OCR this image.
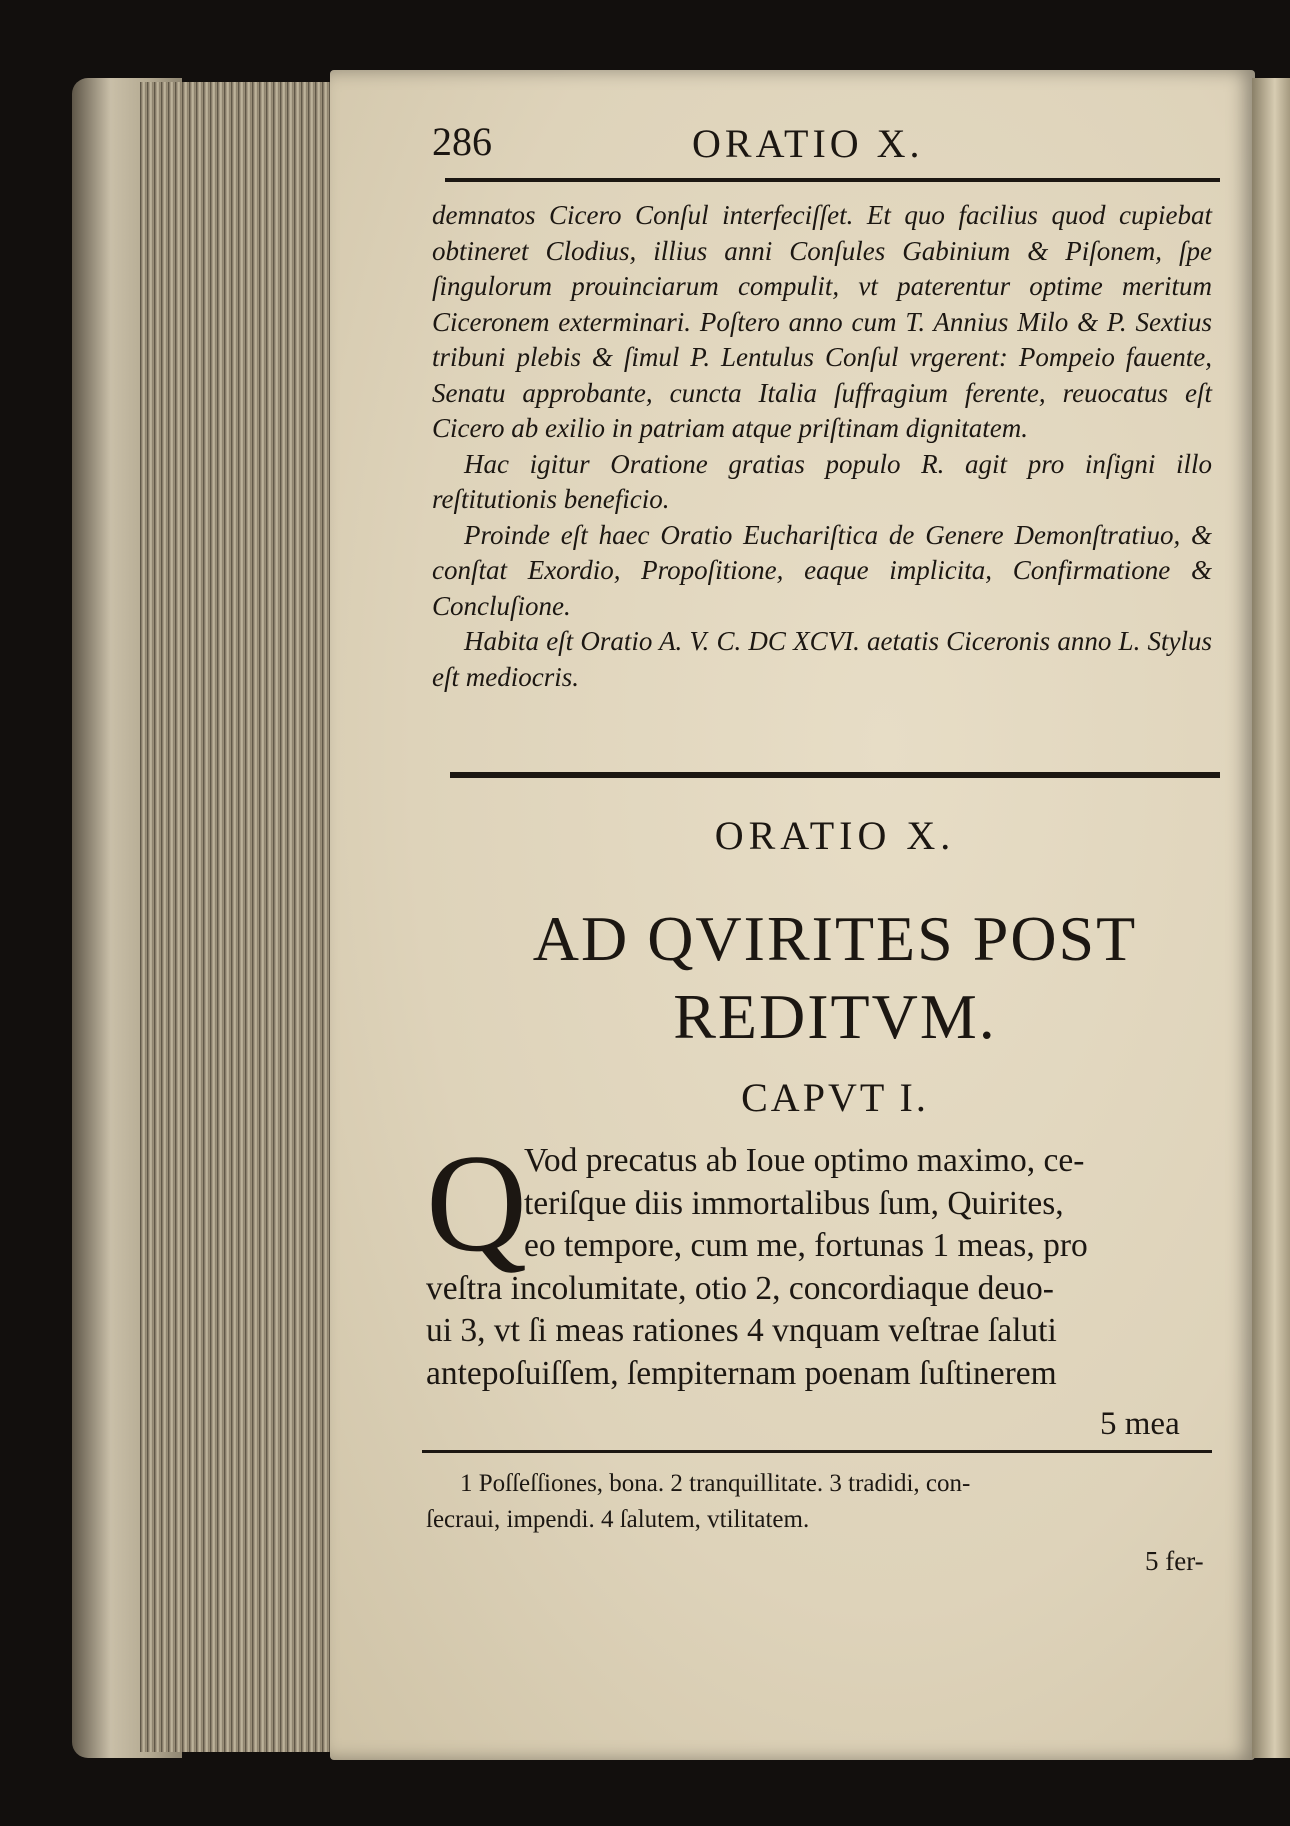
286	ORATIO X.

demnatos Cicero Conſul interfeciſſet. Et quo facilius quod cupiebat obtineret Clodius, illius anni Conſules Gabinium & Piſonem, ſpe ſingulorum prouinciarum compulit, vt paterentur optime meritum Ciceronem exterminari. Poſtero anno cum T. Annius Milo & P. Sextius tribuni plebis & ſimul P. Lentulus Conſul vrgerent: Pompeio fauente, Senatu approbante, cuncta Italia ſuffragium ferente, reuocatus eſt Cicero ab exilio in patriam atque priſtinam dignitatem.

Hac igitur Oratione gratias populo R. agit pro inſigni illo reſtitutionis beneficio.

Proinde eſt haec Oratio Euchariſtica de Genere Demonſtratiuo, & conſtat Exordio, Propoſitione, eaque implicita, Confirmatione & Concluſione.

Habita eſt Oratio A. V. C. DC XCVI. aetatis Ciceronis anno L. Stylus eſt mediocris.

ORATIO X.
AD QVIRITES POST
REDITVM.
CAPVT I.
Q
Vod precatus ab Ioue optimo maximo, ce-
teriſque diis immortalibus ſum, Quirites,
eo tempore, cum me, fortunas 1 meas, pro
veſtra incolumitate, otio 2, concordiaque deuo-
ui 3, vt ſi meas rationes 4 vnquam veſtrae ſaluti
antepoſuiſſem, ſempiternam poenam ſuſtinerem
5 mea
1 Poſſeſſiones, bona. 2 tranquillitate. 3 tradidi, con-
ſecraui, impendi. 4 ſalutem, vtilitatem.
5 fer-
